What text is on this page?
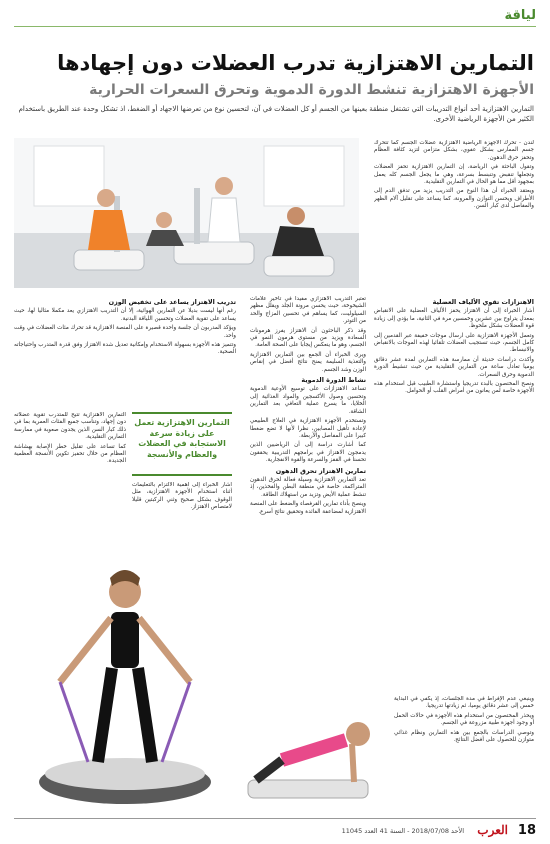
لياقة
التمارين الاهتزازية تدرب العضلات دون إجهادها
الأجهزة الاهتزازية تنشط الدورة الدموية وتحرق السعرات الحرارية
التمارين الاهتزازية أحد أنواع التدريبات التي تشتغل منطقة بعينها من الجسم أو كل العضلات في آن، لتحسين نوع من تعرضها الاجهاد أو الضغط، اذ تشكل وحدة عند الطريق باستخدام الكثير من الأجهزة الرياضية الأخرى.

لندن - تحرك الأجهزة الرياضية الاهتزازية عضلات الجسم كما تتحرك جسم الممارس بشكل عفوي، بشكل متزامن لتزيد كثافة العظام وتحفز حرق الدهون.

وتقول الباحثة في الرياضة، إن التمارين الاهتزازية تحفز العضلات وتجعلها تنقبض وتنبسط بسرعة، وهي ما يجعل الجسم كله يعمل بمجهود أقل مما هو الحال في التمارين التقليدية.

ويعتقد الخبراء أن هذا النوع من التدريب يزيد من تدفق الدم إلى الأطراف ويحسن التوازن والمرونة، كما يساعد على تقليل آلام الظهر والمفاصل لدى كبار السن.

الاهتزازات تقوي الألياف العضلية

أشار الخبراء إلى أن الاهتزاز يحفز الألياف العضلية على الانقباض بمعدل يتراوح بين عشرين وخمسين مرة في الثانية، ما يؤدي إلى زيادة قوة العضلات بشكل ملحوظ.

وتعمل الأجهزة الاهتزازية على ارسال موجات خفيفة عبر القدمين إلى كامل الجسم، حيث تستجيب العضلات تلقائيا لهذه الموجات بالانقباض والانبساط.

وأكدت دراسات حديثة أن ممارسة هذه التمارين لمدة عشر دقائق يوميا تعادل ساعة من التمارين التقليدية من حيث تنشيط الدورة الدموية وحرق السعرات.

ونصح المختصون بالبدء تدريجيا واستشارة الطبيب قبل استخدام هذه الأجهزة خاصة لمن يعانون من أمراض القلب أو الحوامل.

تعتبر التدريب الاهتزازي مفيدا في تأخير علامات الشيخوخة، حيث يحسن مرونة الجلد ويقلل مظهر السيلوليت، كما يساهم في تحسين المزاج والحد من التوتر.

وقد ذكر الباحثون أن الاهتزاز يفرز هرمونات السعادة ويزيد من مستوى هرمون النمو في الجسم، وهو ما ينعكس إيجابا على الصحة العامة.

ويرى الخبراء أن الجمع بين التمارين الاهتزازية والتغذية السليمة يمنح نتائج أفضل في إنقاص الوزن وشد الجسم.

نشاط الدورة الدموية

تساعد الاهتزازات على توسيع الأوعية الدموية وتحسين وصول الأكسجين والمواد الغذائية إلى الخلايا، ما يسرع عملية التعافي بعد التمارين الشاقة.

وتستخدم الأجهزة الاهتزازية في العلاج الطبيعي لإعادة تأهيل المصابين، نظرا لأنها لا تضع ضغطا كبيرا على المفاصل والأربطة.

كما أشارت دراسة إلى أن الرياضيين الذين يدمجون الاهتزاز في برامجهم التدريبية يحققون تحسنا في القفز والسرعة والقوة الانفجارية.

تمارين الاهتزاز تحرق الدهون

تعد التمارين الاهتزازية وسيلة فعالة لحرق الدهون المتراكمة، خاصة في منطقة البطن والفخذين، إذ تنشط عملية الأيض وتزيد من استهلاك الطاقة.

وينصح بأداء تمارين القرفصاء والضغط على المنصة الاهتزازية لمضاعفة الفائدة وتحقيق نتائج أسرع.

تدريب الاهتزاز يساعد على تخفيض الوزن

رغم أنها ليست بديلا عن التمارين الهوائية، إلا أن التدريب الاهتزازي يعد مكملا مثاليا لها، حيث يساعد على تقوية العضلات وتحسين اللياقة البدنية.

ويؤكد المدربون أن جلسة واحدة قصيرة على المنصة الاهتزازية قد تحرك مئات العضلات في وقت واحد.

وتتميز هذه الأجهزة بسهولة الاستخدام وإمكانية تعديل شدة الاهتزاز وفق قدرة المتدرب واحتياجاته الصحية.

التمارين الاهتزازية تتيح للمتدرب تقوية عضلاته دون إجهاد، وتناسب جميع الفئات العمرية بما في ذلك كبار السن الذين يجدون صعوبة في ممارسة التمارين التقليدية.

كما تساعد على تقليل خطر الإصابة بهشاشة العظام من خلال تحفيز تكوين الأنسجة العظمية الجديدة.

التمارين الاهتزازية تعمل على زيادة سرعة الاستجابة في العضلات والعظام والأنسجة

أشار الخبراء إلى أهمية الالتزام بالتعليمات أثناء استخدام الأجهزة الاهتزازية، مثل الوقوف بشكل صحيح وثني الركبتين قليلا لامتصاص الاهتزاز.

وينبغي عدم الإفراط في مدة الجلسات، إذ يكفي في البداية خمس إلى عشر دقائق يوميا، ثم زيادتها تدريجيا.

ويحذر المختصون من استخدام هذه الأجهزة في حالات الحمل أو وجود أجهزة طبية مزروعة في الجسم.

وتوصي الدراسات بالجمع بين هذه التمارين ونظام غذائي متوازن للحصول على أفضل النتائج.

18
العرب
الأحد 2018/07/08 - السنة 41 العدد 11045
